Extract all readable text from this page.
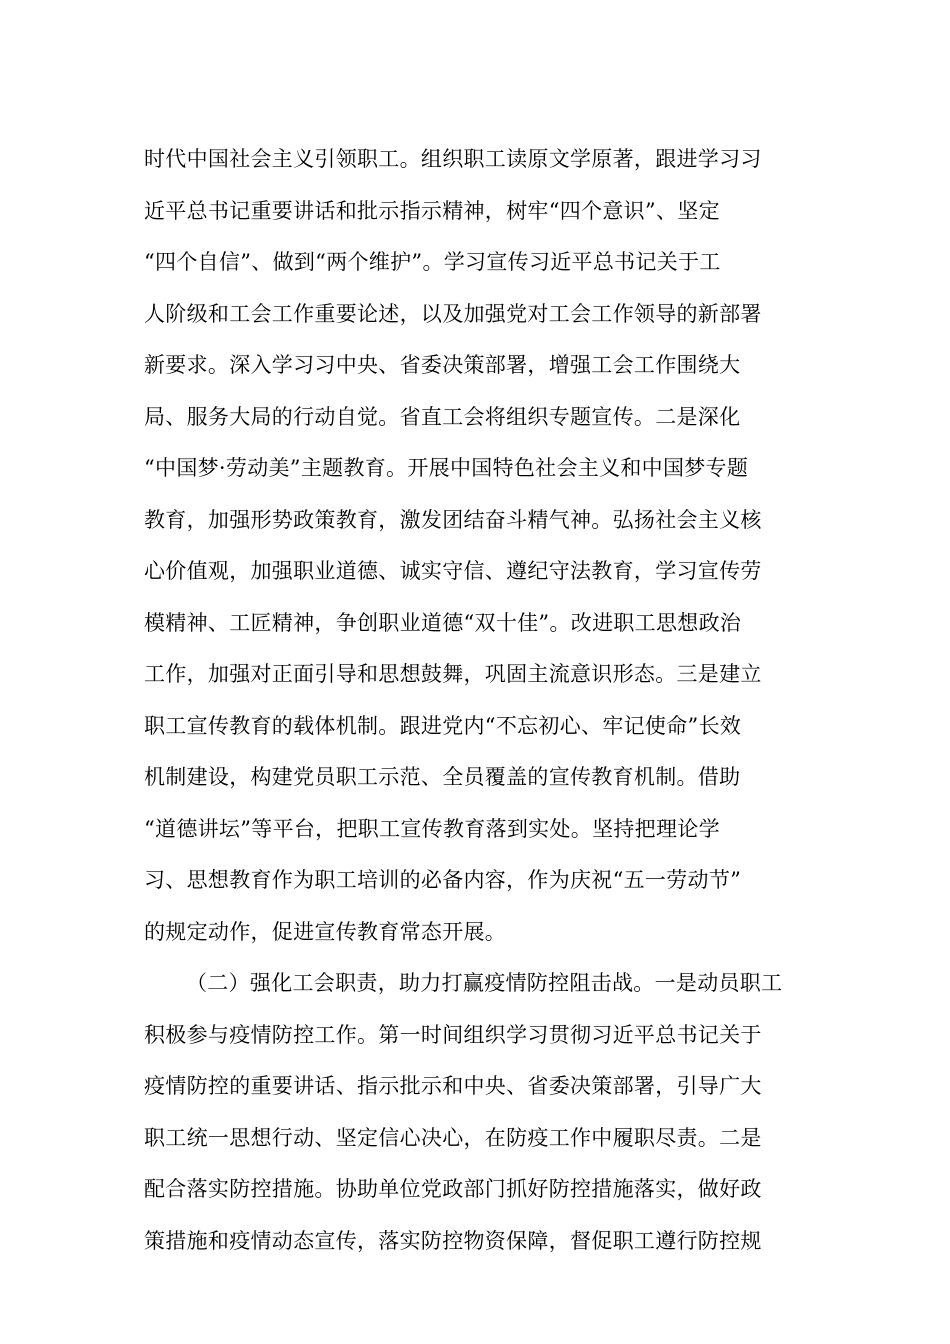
时代中国社会主义引领职工。组织职工读原文学原著，跟进学习习
近平总书记重要讲话和批示指示精神，树牢“四个意识”、坚定
“四个自信”、做到“两个维护”。学习宣传习近平总书记关于工
人阶级和工会工作重要论述，以及加强党对工会工作领导的新部署
新要求。深入学习习中央、省委决策部署，增强工会工作围绕大
局、服务大局的行动自觉。省直工会将组织专题宣传。二是深化
“中国梦·劳动美”主题教育。开展中国特色社会主义和中国梦专题
教育，加强形势政策教育，激发团结奋斗精气神。弘扬社会主义核
心价值观，加强职业道德、诚实守信、遵纪守法教育，学习宣传劳
模精神、工匠精神，争创职业道德“双十佳”。改进职工思想政治
工作，加强对正面引导和思想鼓舞，巩固主流意识形态。三是建立
职工宣传教育的载体机制。跟进党内“不忘初心、牢记使命”长效
机制建设，构建党员职工示范、全员覆盖的宣传教育机制。借助
“道德讲坛”等平台，把职工宣传教育落到实处。坚持把理论学
习、思想教育作为职工培训的必备内容，作为庆祝“五一劳动节”
的规定动作，促进宣传教育常态开展。
（二）强化工会职责，助力打赢疫情防控阻击战。一是动员职工
积极参与疫情防控工作。第一时间组织学习贯彻习近平总书记关于
疫情防控的重要讲话、指示批示和中央、省委决策部署，引导广大
职工统一思想行动、坚定信心决心，在防疫工作中履职尽责。二是
配合落实防控措施。协助单位党政部门抓好防控措施落实，做好政
策措施和疫情动态宣传，落实防控物资保障，督促职工遵行防控规
